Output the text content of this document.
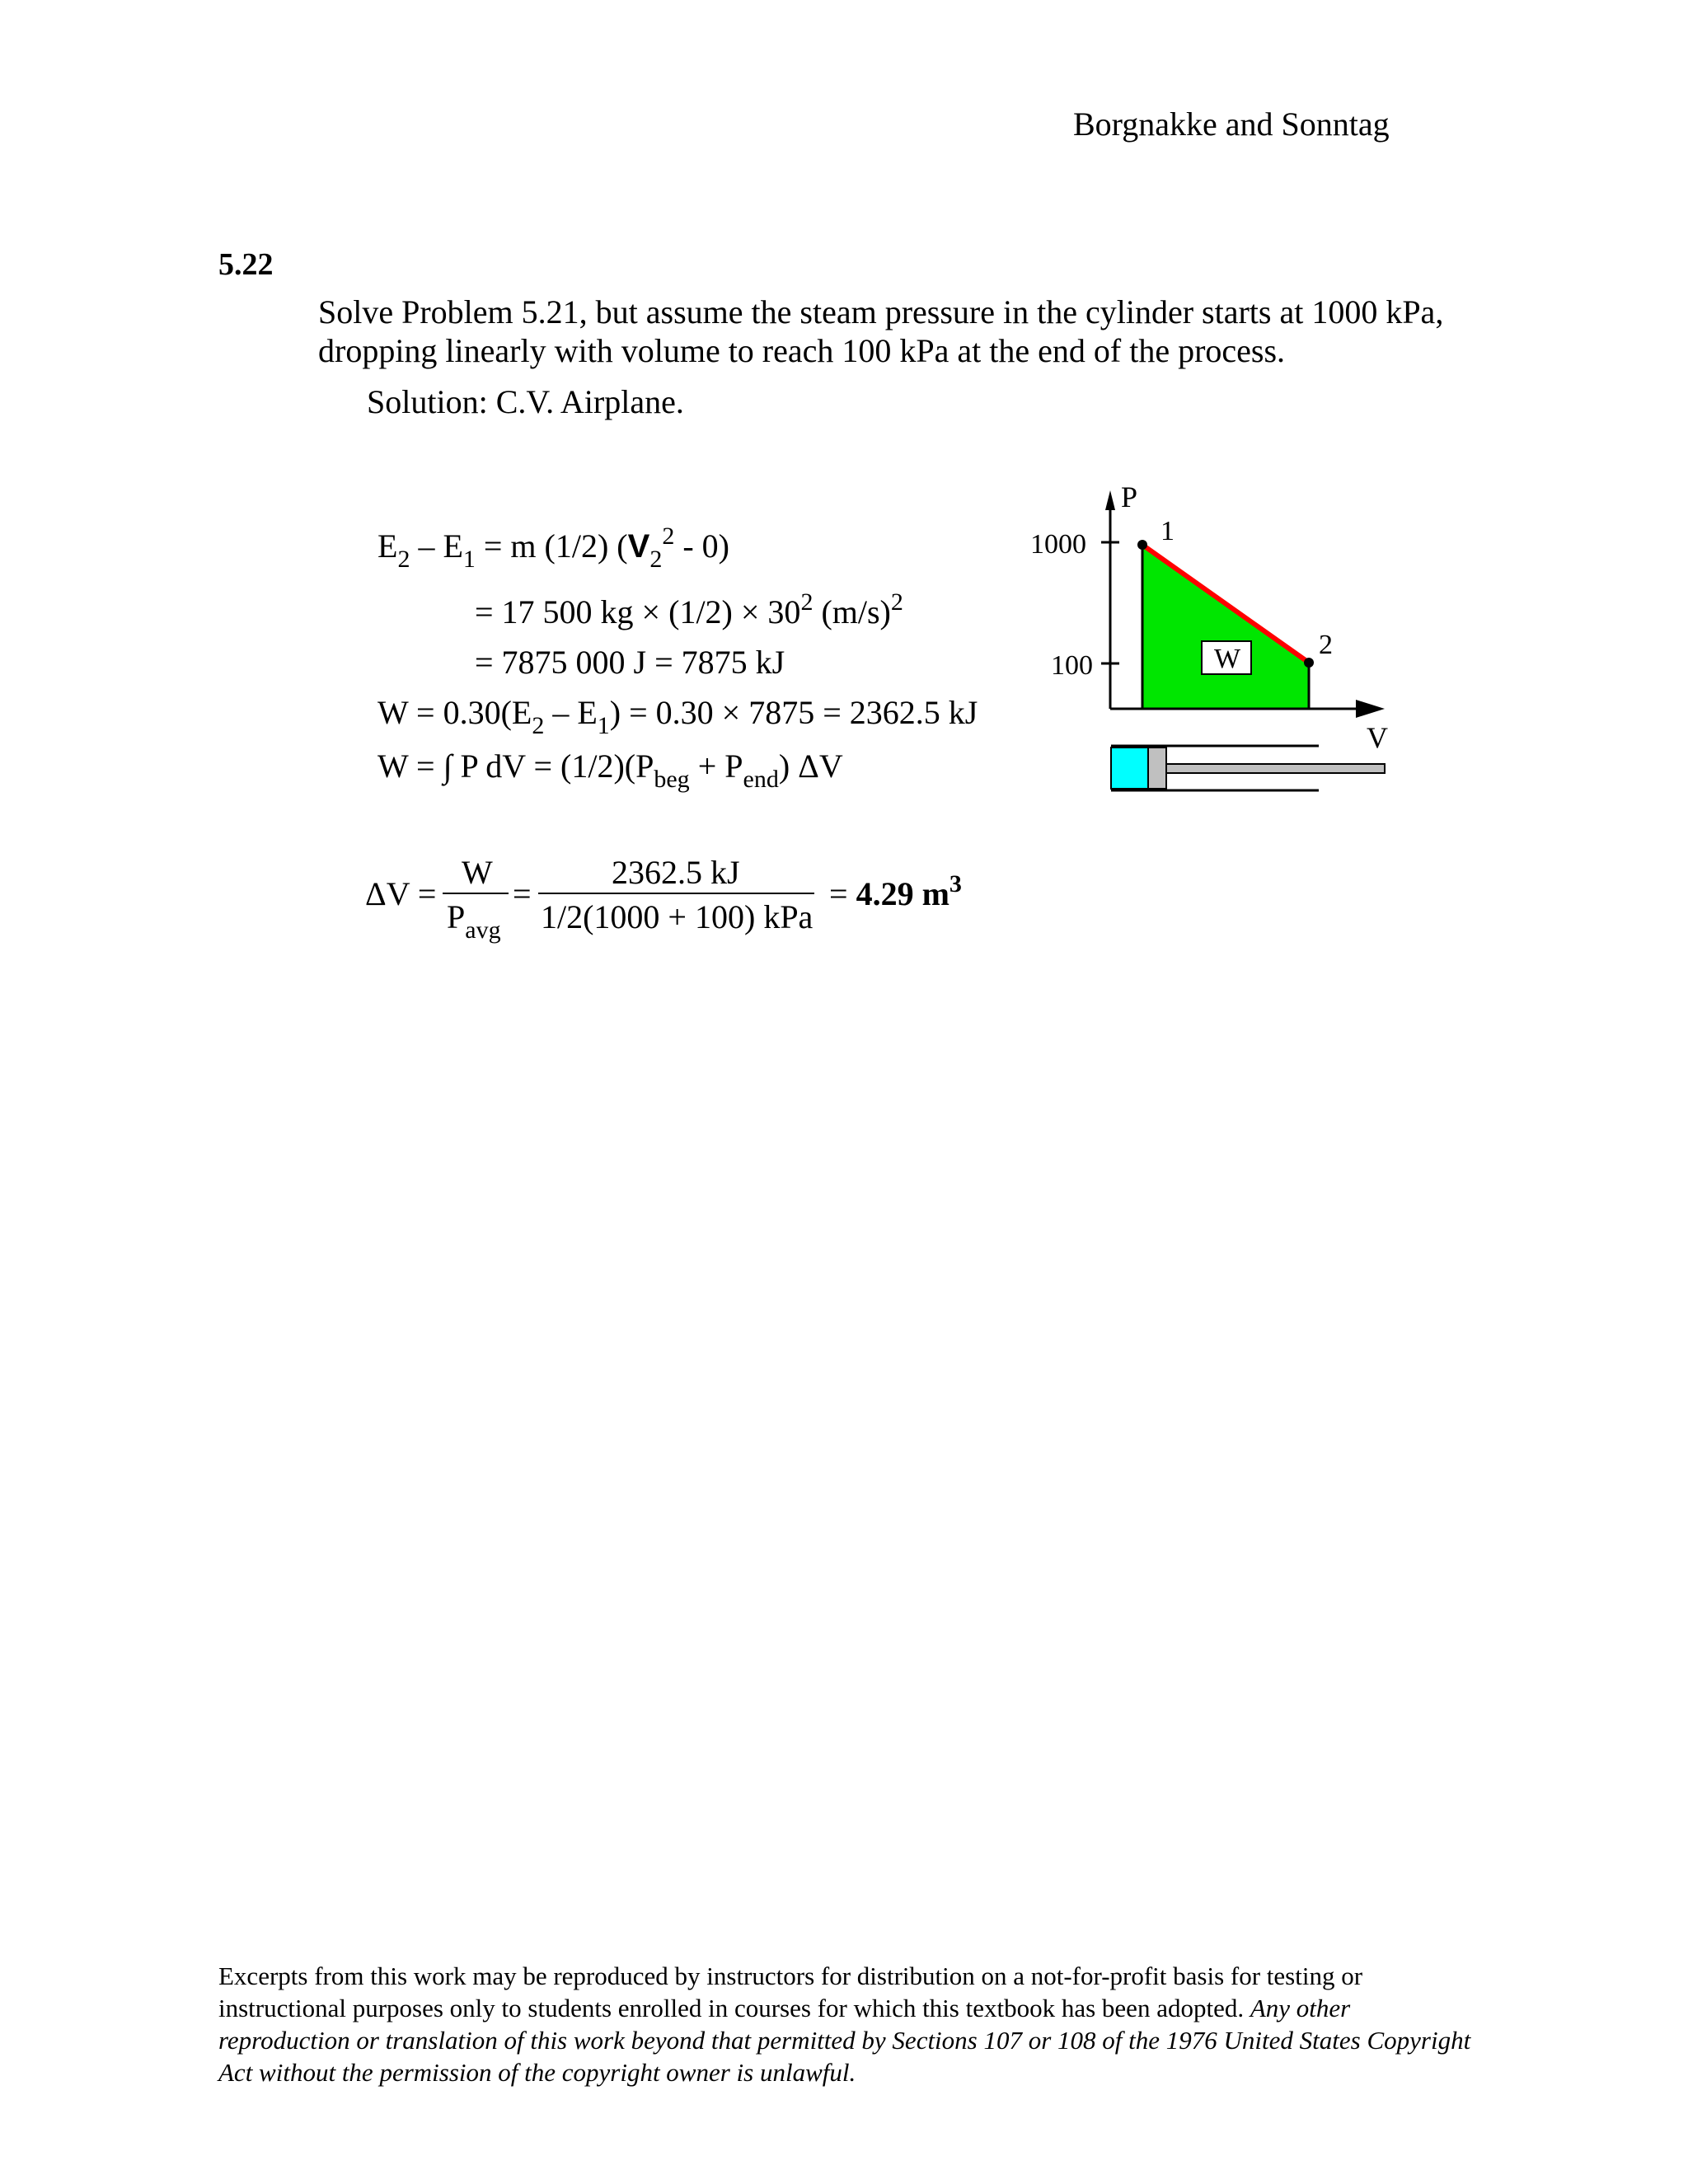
Borgnakke and Sonntag
5.22
Solve Problem 5.21, but assume the steam pressure in the cylinder starts at 1000 kPa,
dropping linearly with volume to reach 100 kPa at the end of the process.
Solution: C.V. Airplane.
$E_2 - E_1 = m$ (1/2) $(V_2^2 - 0)$
= 17 500 kg × $(1/2) \times 30^2$ $(m/s)^2$
= 7875 000 J = 7875 kJ
$W = 0.30(E_2 - E_1) = 0.30 \times 7875 = 2362.5$ kJ
W = ∫ P dV = $(1/2)(P_{beg} + P_{end})$ ΔV
ΔV =
W
$P_{avg}$
=
2362.5 kJ
1/2(1000 + 100) kPa
= 4.29 $m^3$
P
V
1000
100
1
2
W
Excerpts from this work may be reproduced by instructors for distribution on a not-for-profit basis for testing or instructional purposes only to students enrolled in courses for which this textbook has been adopted. Any other reproduction or translation of this work beyond that permitted by Sections 107 or 108 of the 1976 United States Copyright Act without the permission of the copyright owner is unlawful.
